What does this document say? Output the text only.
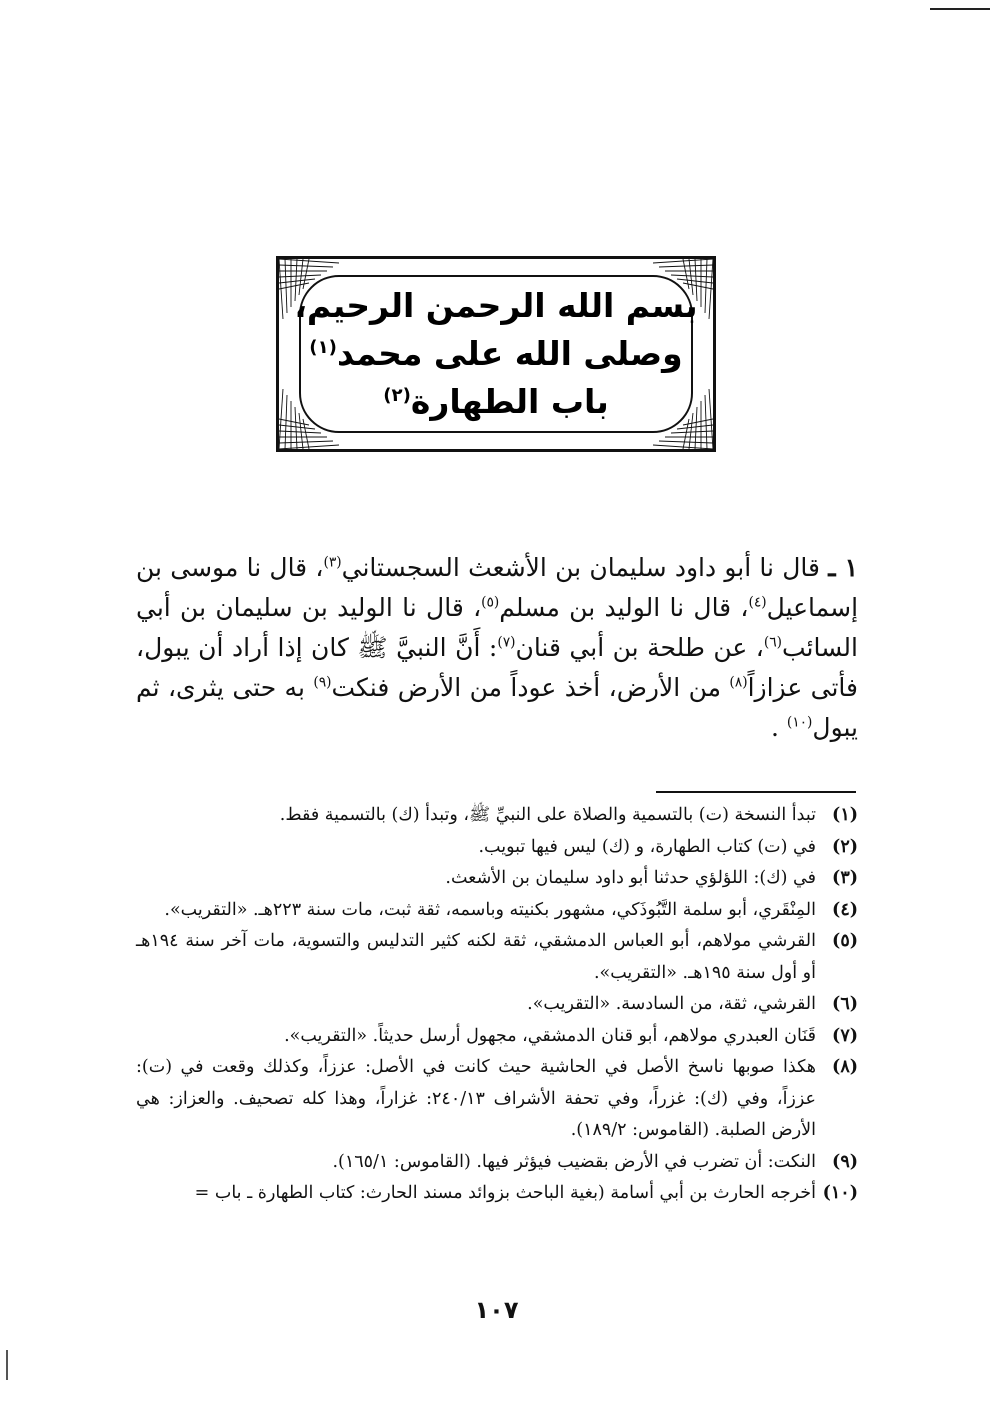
بسم الله الرحمن الرحيم،
وصلى الله على محمد$^{(١)}$
باب الطهارة$^{(٢)}$
١ ـ قال نا أبو داود سليمان بن الأشعث السجستاني$^{(٣)}$، قال نا موسى بن إسماعيل$^{(٤)}$، قال نا الوليد بن مسلم$^{(٥)}$، قال نا الوليد بن سليمان بن أبي السائب$^{(٦)}$، عن طلحة بن أبي قنان$^{(٧)}$: أَنَّ النبيَّ ﷺ كان إذا أراد أن يبول، فأتى عزازاً$^{(٨)}$ من الأرض، أخذ عوداً من الأرض فنكت$^{(٩)}$ به حتى يثرى، ثم يبول$^{(١٠)}$ .
(١)
تبدأ النسخة (ت) بالتسمية والصلاة على النبيِّ ﷺ، وتبدأ (ك) بالتسمية فقط.
(٢)
في (ت) كتاب الطهارة، و (ك) ليس فيها تبويب.
(٣)
في (ك): اللؤلؤي حدثنا أبو داود سليمان بن الأشعث.
(٤)
المِنْقَري، أبو سلمة التَّبُوذَكي، مشهور بكنيته وباسمه، ثقة ثبت، مات سنة ٢٢٣هـ. «التقريب».
(٥)
القرشي مولاهم، أبو العباس الدمشقي، ثقة لكنه كثير التدليس والتسوية، مات آخر سنة ١٩٤هـ أو أول سنة ١٩٥هـ. «التقريب».
(٦)
القرشي، ثقة، من السادسة. «التقريب».
(٧)
قَنَان العبدري مولاهم، أبو قنان الدمشقي، مجهول أرسل حديثاً. «التقريب».
(٨)
هكذا صوبها ناسخ الأصل في الحاشية حيث كانت في الأصل: عززاً، وكذلك وقعت في (ت): عززاً، وفي (ك): غزراً، وفي تحفة الأشراف ٢٤٠/١٣: غزاراً، وهذا كله تصحيف. والعزاز: هي الأرض الصلبة. (القاموس: ١٨٩/٢).
(٩)
النكت: أن تضرب في الأرض بقضيب فيؤثر فيها. (القاموس: ١٦٥/١).
(١٠)
أخرجه الحارث بن أبي أسامة (بغية الباحث بزوائد مسند الحارث: كتاب الطهارة ـ باب =
١٠٧
